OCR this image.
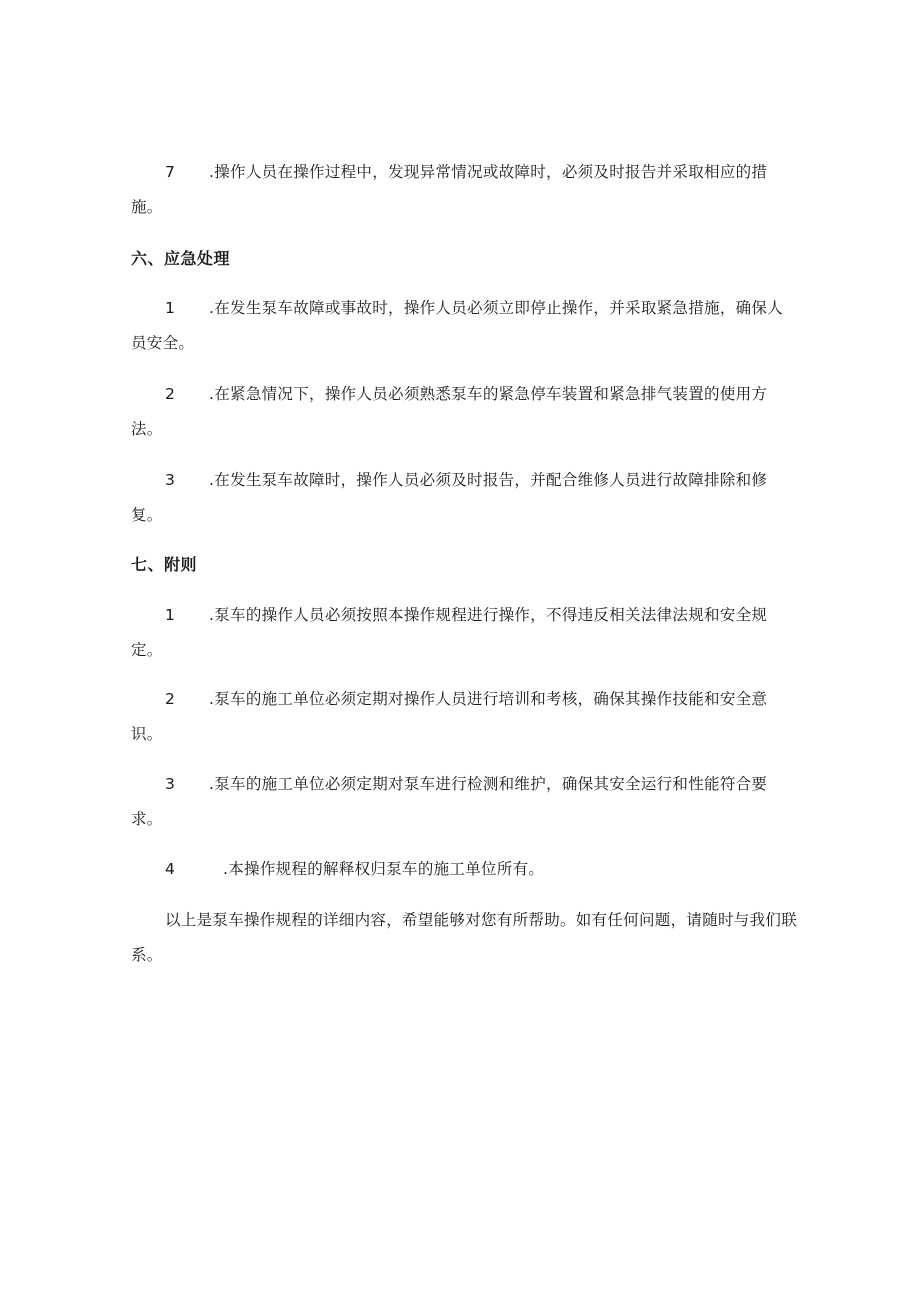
7 .操作人员在操作过程中，发现异常情况或故障时，必须及时报告并采取相应的措施。

六、应急处理

1 .在发生泵车故障或事故时，操作人员必须立即停止操作，并采取紧急措施，确保人员安全。

2 .在紧急情况下，操作人员必须熟悉泵车的紧急停车装置和紧急排气装置的使用方法。

3 .在发生泵车故障时，操作人员必须及时报告，并配合维修人员进行故障排除和修复。

七、附则

1 .泵车的操作人员必须按照本操作规程进行操作，不得违反相关法律法规和安全规定。

2 .泵车的施工单位必须定期对操作人员进行培训和考核，确保其操作技能和安全意识。

3 .泵车的施工单位必须定期对泵车进行检测和维护，确保其安全运行和性能符合要求。

4	.本操作规程的解释权归泵车的施工单位所有。

以上是泵车操作规程的详细内容，希望能够对您有所帮助。如有任何问题，请随时与我们联系。
